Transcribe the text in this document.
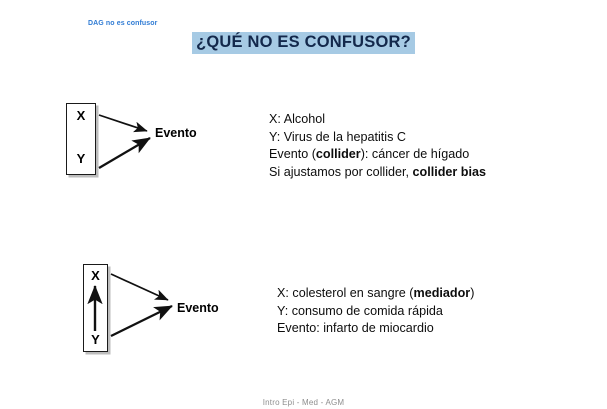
DAG no es confusor
¿QUÉ NO ES CONFUSOR?
X
Y
Evento
X: Alcohol
Y: Virus de la hepatitis C
Evento (collider): cáncer de hígado
Si ajustamos por collider, collider bias
X
Y
Evento
X: colesterol en sangre (mediador)
Y: consumo de comida rápida
Evento: infarto de miocardio
Intro Epi - Med - AGM
